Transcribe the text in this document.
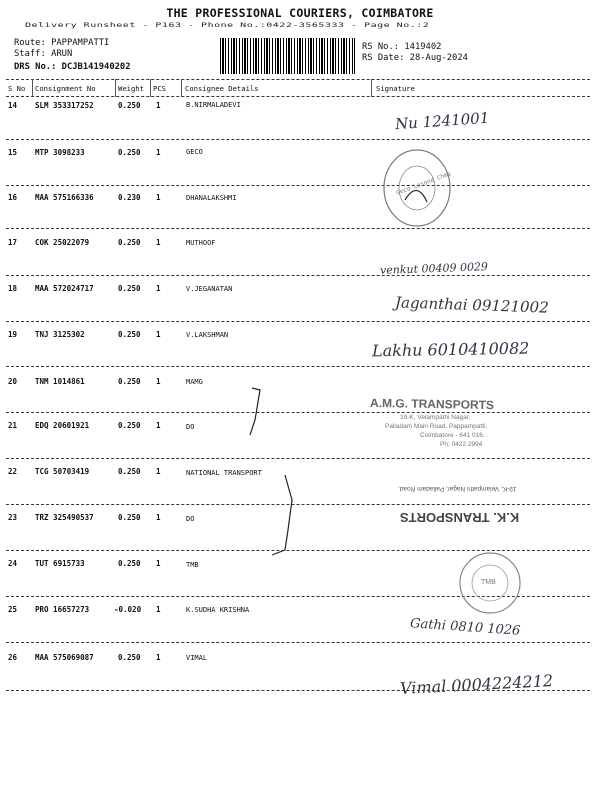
THE PROFESSIONAL COURIERS, COIMBATORE
Delivery Runsheet - P163 - Phone No.:0422-3565333 - Page No.:2
Route: PAPPAMPATTI
Staff: ARUN
DRS No.: DCJB141940202
RS No.: 1419402
RS Date: 28-Aug-2024
S No Consignment No	Weight PCS	Consignee Details	Signature
14 SLM 353317252	0.250 1	B.NIRMALADEVI
15 MTP 3098233	0.250 1	GECO
16 MAA 575166336	0.230 1	DHANALAKSHMI
17 COK 25022079	0.250 1	MUTHOOF
18 MAA 572024717	0.250 1	V.JEGANATAN
19 TNJ 3125302	0.250 1	V.LAKSHMAN
20 TNM 1014861	0.250 1	MAMG
21 EDQ 20601921	0.250 1	DO
22 TCG 50703419	0.250 1	NATIONAL TRANSPORT
23 TRZ 325490537	0.250 1	DO
24 TUT 6915733	0.250 1	TMB
25 PRO 16657273	-0.020 1	K.SUDHA KRISHNA
26 MAA 575069087	0.250 1	VIMAL
Nu 1241001
venkut 00409 0029
Jaganthai 09121002
Lakhu 6010410082
Gathi 0810 1026
Vimal 0004224212
Geco Lesond Chms
A.M.G. TRANSPORTS
19-K, Velampathi Nagar,
Palladam Main Road, Pappampatti,
Coimbatore - 641 016.
Ph: 0422 2994
K.K. TRANSPORTS
19-K, Velampathi Nagar, Palladam Road,
TMB
